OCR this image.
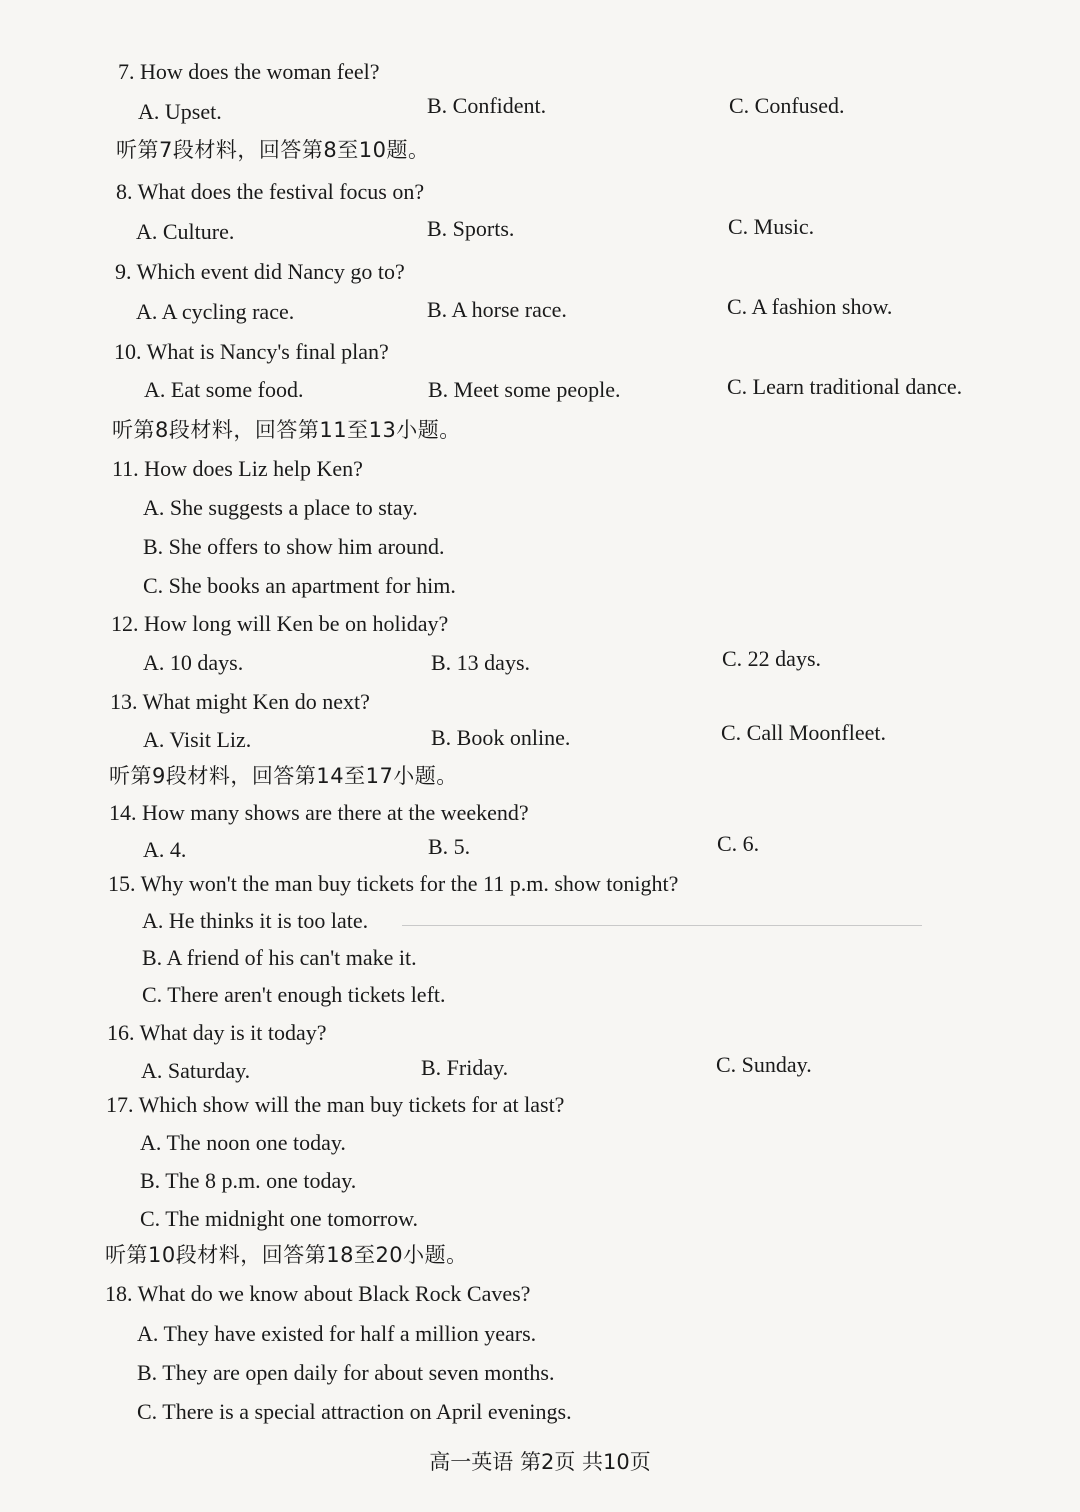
7. How does the woman feel?
A. Upset.	B. Confident.	C. Confused.
听第7段材料，回答第8至10题。
8. What does the festival focus on?
A. Culture.	B. Sports.	C. Music.
9. Which event did Nancy go to?
A. A cycling race.	B. A horse race.	C. A fashion show.
10. What is Nancy's final plan?
A. Eat some food.	B. Meet some people.	C. Learn traditional dance.
听第8段材料，回答第11至13小题。
11. How does Liz help Ken?
A. She suggests a place to stay.
B. She offers to show him around.
C. She books an apartment for him.
12. How long will Ken be on holiday?
A. 10 days.	B. 13 days.	C. 22 days.
13. What might Ken do next?
A. Visit Liz.	B. Book online.	C. Call Moonfleet.
听第9段材料，回答第14至17小题。
14. How many shows are there at the weekend?
A. 4.	B. 5.	C. 6.
15. Why won't the man buy tickets for the 11 p.m. show tonight?
A. He thinks it is too late.
B. A friend of his can't make it.
C. There aren't enough tickets left.
16. What day is it today?
A. Saturday.	B. Friday.	C. Sunday.
17. Which show will the man buy tickets for at last?
A. The noon one today.
B. The 8 p.m. one today.
C. The midnight one tomorrow.
听第10段材料，回答第18至20小题。
18. What do we know about Black Rock Caves?
A. They have existed for half a million years.
B. They are open daily for about seven months.
C. There is a special attraction on April evenings.
高一英语 第2页 共10页
